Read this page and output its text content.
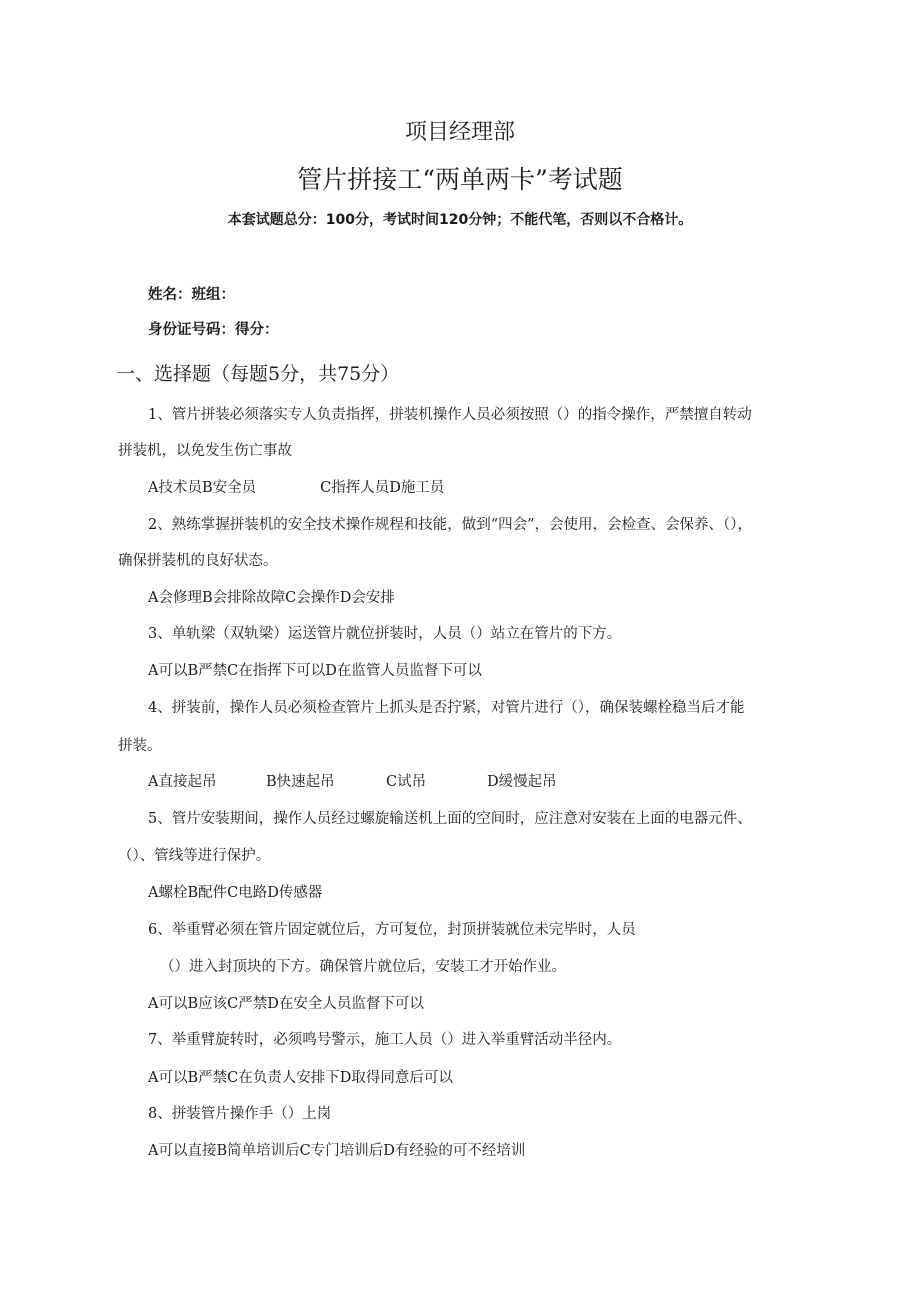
项目经理部
管片拼接工“两单两卡”考试题
本套试题总分：100分，考试时间120分钟；不能代笔，否则以不合格计。
姓名：班组：
身份证号码：得分：
一、选择题（每题5分，共75分）
1、管片拼装必须落实专人负责指挥，拼装机操作人员必须按照（）的指令操作，严禁擅自转动
拼装机，以免发生伤亡事故
A技术员B安全员	C指挥人员D施工员
2、熟练掌握拼装机的安全技术操作规程和技能，做到“四会”，会使用，会检查、会保养、（），
确保拼装机的良好状态。
A会修理B会排除故障C会操作D会安排
3、单轨梁（双轨梁）运送管片就位拼装时，人员（）站立在管片的下方。
A可以B严禁C在指挥下可以D在监管人员监督下可以
4、拼装前，操作人员必须检查管片上抓头是否拧紧，对管片进行（），确保装螺栓稳当后才能
拼装。
A直接起吊	B快速起吊	C试吊	D缓慢起吊
5、管片安装期间，操作人员经过螺旋输送机上面的空间时，应注意对安装在上面的电器元件、
（）、管线等进行保护。
A螺栓B配件C电路D传感器
6、举重臂必须在管片固定就位后，方可复位，封顶拼装就位未完毕时，人员
（）进入封顶块的下方。确保管片就位后，安装工才开始作业。
A可以B应该C严禁D在安全人员监督下可以
7、举重臂旋转时，必须鸣号警示，施工人员（）进入举重臂活动半径内。
A可以B严禁C在负责人安排下D取得同意后可以
8、拼装管片操作手（）上岗
A可以直接B简单培训后C专门培训后D有经验的可不经培训
